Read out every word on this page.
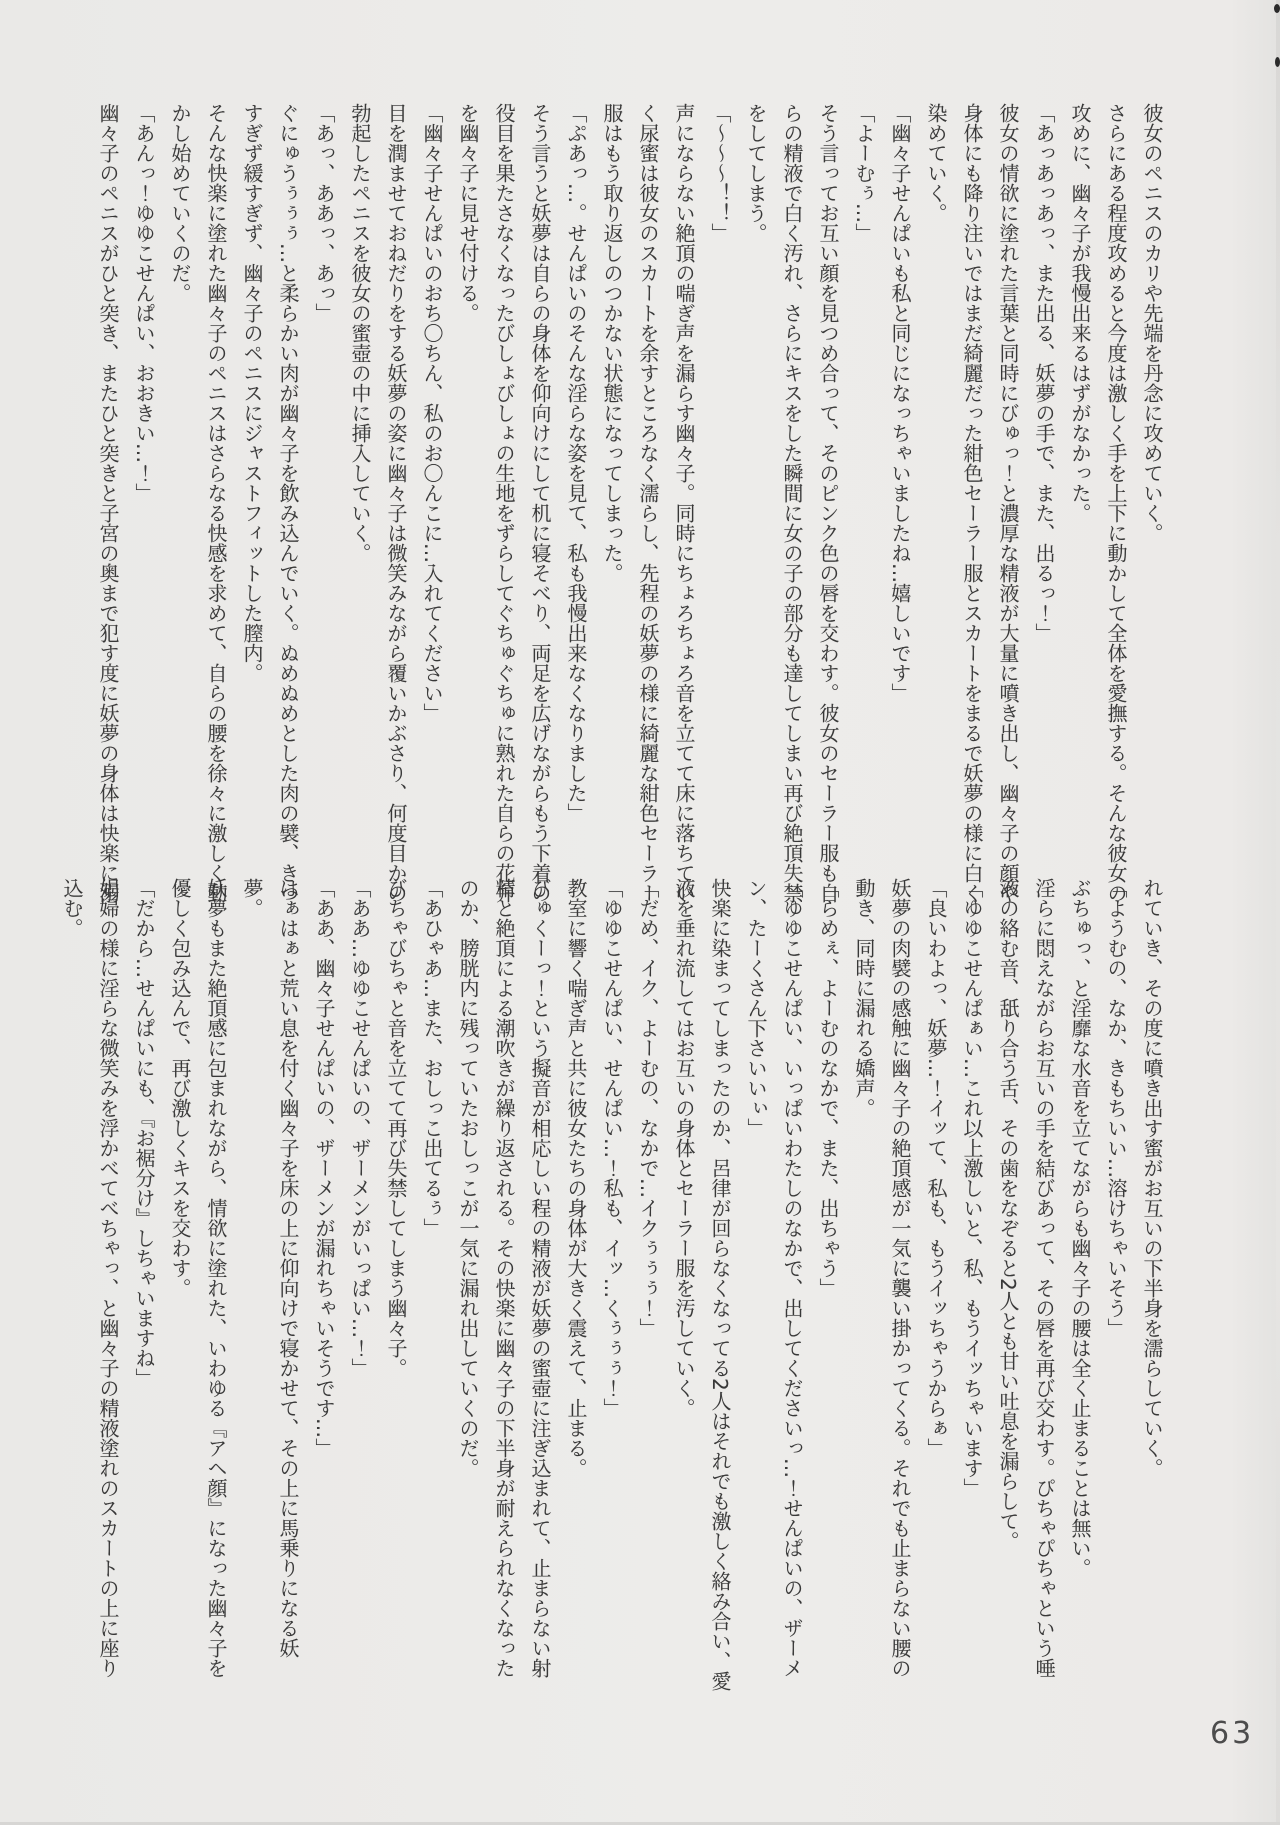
彼女のペニスのカリや先端を丹念に攻めていく。

さらにある程度攻めると今度は激しく手を上下に動かして全体を愛撫する。そんな彼女の攻めに、幽々子が我慢出来るはずがなかった。

「あっあっあっ、また出る、妖夢の手で、また、出るっ！」

彼女の情欲に塗れた言葉と同時にびゅっ！と濃厚な精液が大量に噴き出し、幽々子の顔や身体にも降り注いではまだ綺麗だった紺色セーラー服とスカートをまるで妖夢の様に白く染めていく。

「幽々子せんぱいも私と同じになっちゃいましたね…嬉しいです」

「よーむぅ…」

そう言ってお互い顔を見つめ合って、そのピンク色の唇を交わす。彼女のセーラー服も自らの精液で白く汚れ、さらにキスをした瞬間に女の子の部分も達してしまい再び絶頂失禁をしてしまう。

「～～～！！」

声にならない絶頂の喘ぎ声を漏らす幽々子。同時にちょろちょろ音を立てて床に落ちていく尿蜜は彼女のスカートを余すところなく濡らし、先程の妖夢の様に綺麗な紺色セーラー服はもう取り返しのつかない状態になってしまった。

「ぷあっ…。せんぱいのそんな淫らな姿を見て、私も我慢出来なくなりました」

そう言うと妖夢は自らの身体を仰向けにして机に寝そべり、両足を広げながらもう下着の役目を果たさなくなったびしょびしょの生地をずらしてぐちゅぐちゅに熟れた自らの花弁を幽々子に見せ付ける。

「幽々子せんぱいのおち〇ちん、私のお〇んこに…入れてください」

目を潤ませておねだりをする妖夢の姿に幽々子は微笑みながら覆いかぶさり、何度目かの勃起したペニスを彼女の蜜壺の中に挿入していく。

「あっ、ああっ、あっ」

ぐにゅうぅぅぅ…と柔らかい肉が幽々子を飲み込んでいく。ぬめぬめとした肉の襞、きつすぎず緩すぎず、幽々子のペニスにジャストフィットした膣内。

そんな快楽に塗れた幽々子のペニスはさらなる快感を求めて、自らの腰を徐々に激しく動かし始めていくのだ。

「あんっ！ゆゆこせんぱい、おおきい…！」

幽々子のペニスがひと突き、またひと突きと子宮の奥まで犯す度に妖夢の身体は快楽に溺

れていき、その度に噴き出す蜜がお互いの下半身を濡らしていく。

「ようむの、なか、きもちいい…溶けちゃいそう」

ぶちゅっ、と淫靡な水音を立てながらも幽々子の腰は全く止まることは無い。

淫らに悶えながらお互いの手を結びあって、その唇を再び交わす。ぴちゃぴちゃという唾液の絡む音、舐り合う舌、その歯をなぞると2人とも甘い吐息を漏らして。

「ゆゆこせんぱぁい…これ以上激しいと、私、もうイッちゃいます」

「良いわよっ、妖夢…！イッて、私も、もうイッちゃうからぁ」

妖夢の肉襞の感触に幽々子の絶頂感が一気に襲い掛かってくる。それでも止まらない腰の動き、同時に漏れる嬌声。

「らめぇ、よーむのなかで、また、出ちゃう」

「ゆゆこせんぱい、いっぱいわたしのなかで、出してくださいっ…！せんぱいの、ザーメン、たーくさん下さいいぃ」

快楽に染まってしまったのか、呂律が回らなくなってる2人はそれでも激しく絡み合い、愛液を垂れ流してはお互いの身体とセーラー服を汚していく。

「だめ、イク、よーむの、なかで…イクぅぅぅ！」

「ゆゆこせんぱい、せんぱい…！私も、イッ…くぅぅぅ！」

教室に響く喘ぎ声と共に彼女たちの身体が大きく震えて、止まる。

びゅくーっ！という擬音が相応しい程の精液が妖夢の蜜壺に注ぎ込まれて、止まらない射精と絶頂による潮吹きが繰り返される。その快楽に幽々子の下半身が耐えられなくなったのか、膀胱内に残っていたおしっこが一気に漏れ出していくのだ。

「あひゃあ…また、おしっこ出てるぅ」

びちゃびちゃと音を立てて再び失禁してしまう幽々子。

「ああ…ゆゆこせんぱいの、ザーメンがいっぱい…！」

「ああ、幽々子せんぱいの、ザーメンが漏れちゃいそうです…」

はぁはぁと荒い息を付く幽々子を床の上に仰向けで寝かせて、その上に馬乗りになる妖夢。

妖夢もまた絶頂感に包まれながら、情欲に塗れた、いわゆる『アヘ顔』になった幽々子を優しく包み込んで、再び激しくキスを交わす。

「だから…せんぱいにも、『お裾分け』しちゃいますね」

娼婦の様に淫らな微笑みを浮かべてべちゃっ、と幽々子の精液塗れのスカートの上に座り込む。

63
